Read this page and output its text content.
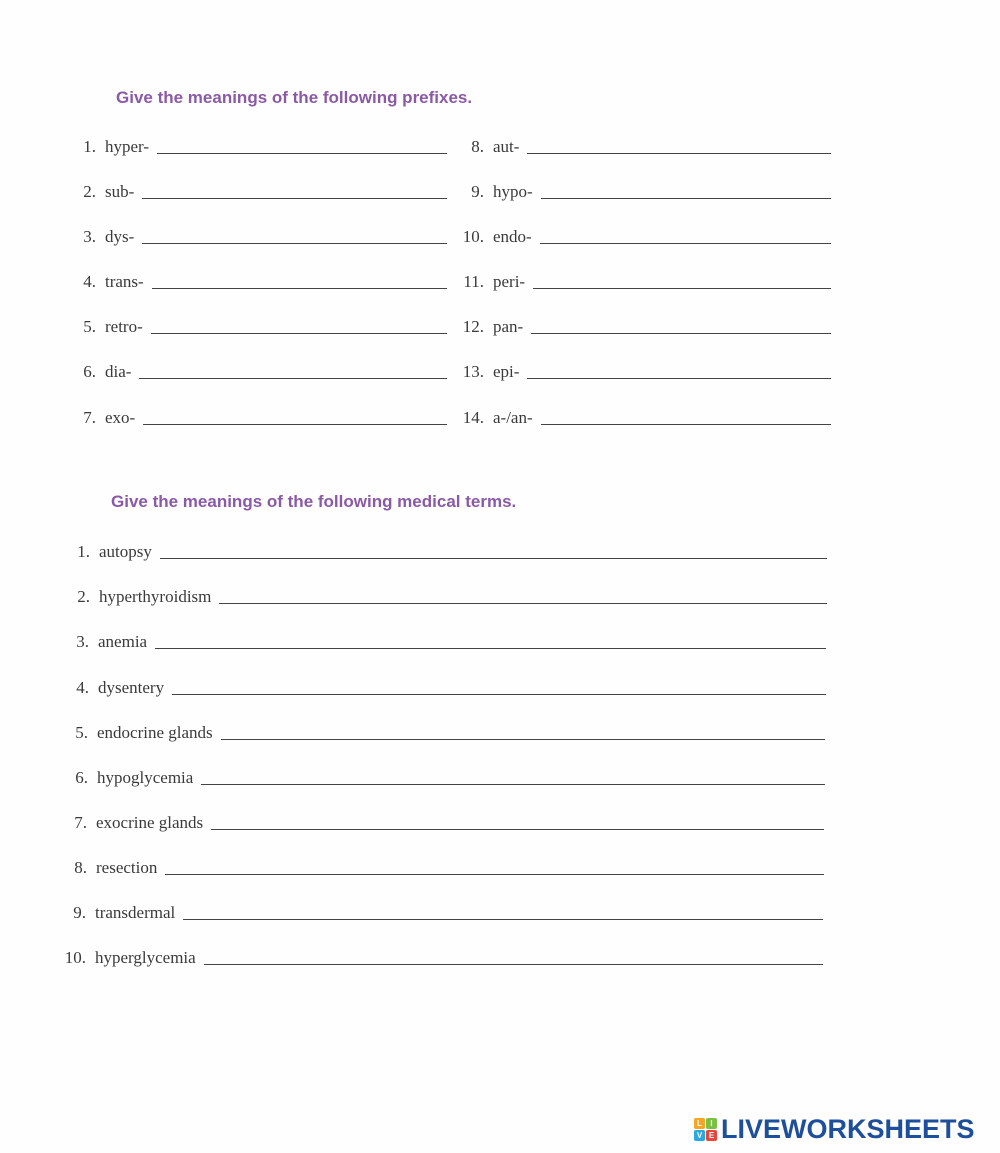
Give the meanings of the following prefixes.
1. hyper-
2. sub-
3. dys-
4. trans-
5. retro-
6. dia-
7. exo-
8. aut-
9. hypo-
10. endo-
11. peri-
12. pan-
13. epi-
14. a-/an-
Give the meanings of the following medical terms.
1. autopsy
2. hyperthyroidism
3. anemia
4. dysentery
5. endocrine glands
6. hypoglycemia
7. exocrine glands
8. resection
9. transdermal
10. hyperglycemia
L	I
V E LIVEWORKSHEETS
